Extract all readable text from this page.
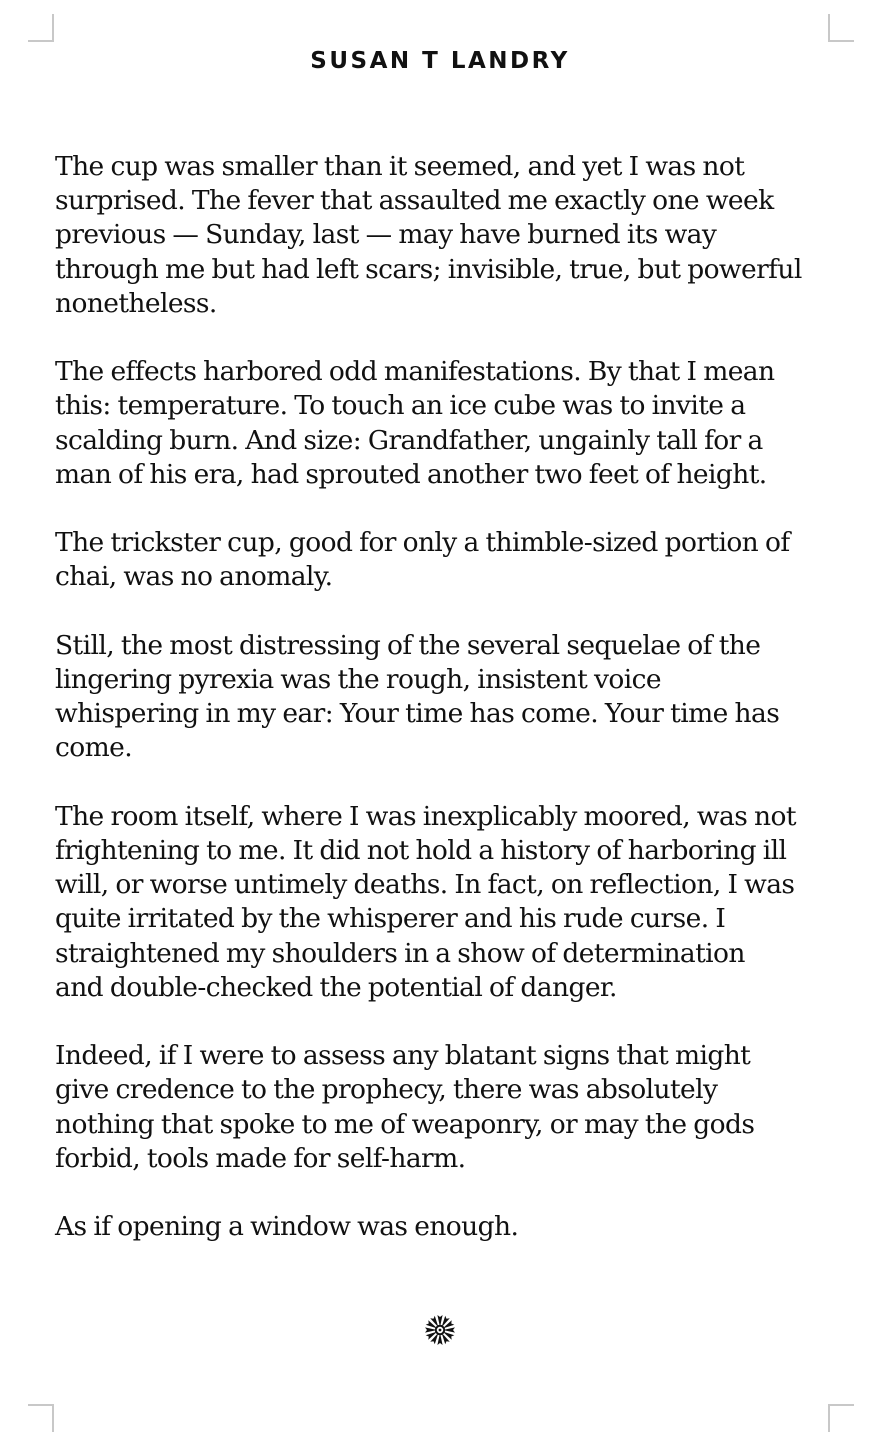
SUSAN T LANDRY

The cup was smaller than it seemed, and yet I was not
surprised. The fever that assaulted me exactly one week
previous — Sunday, last — may have burned its way
through me but had left scars; invisible, true, but powerful
nonetheless.

The effects harbored odd manifestations. By that I mean
this: temperature. To touch an ice cube was to invite a
scalding burn. And size: Grandfather, ungainly tall for a
man of his era, had sprouted another two feet of height.

The trickster cup, good for only a thimble-sized portion of
chai, was no anomaly.

Still, the most distressing of the several sequelae of the
lingering pyrexia was the rough, insistent voice
whispering in my ear: Your time has come. Your time has
come.

The room itself, where I was inexplicably moored, was not
frightening to me. It did not hold a history of harboring ill
will, or worse untimely deaths. In fact, on reflection, I was
quite irritated by the whisperer and his rude curse. I
straightened my shoulders in a show of determination
and double-checked the potential of danger.

Indeed, if I were to assess any blatant signs that might
give credence to the prophecy, there was absolutely
nothing that spoke to me of weaponry, or may the gods
forbid, tools made for self-harm.

As if opening a window was enough.
